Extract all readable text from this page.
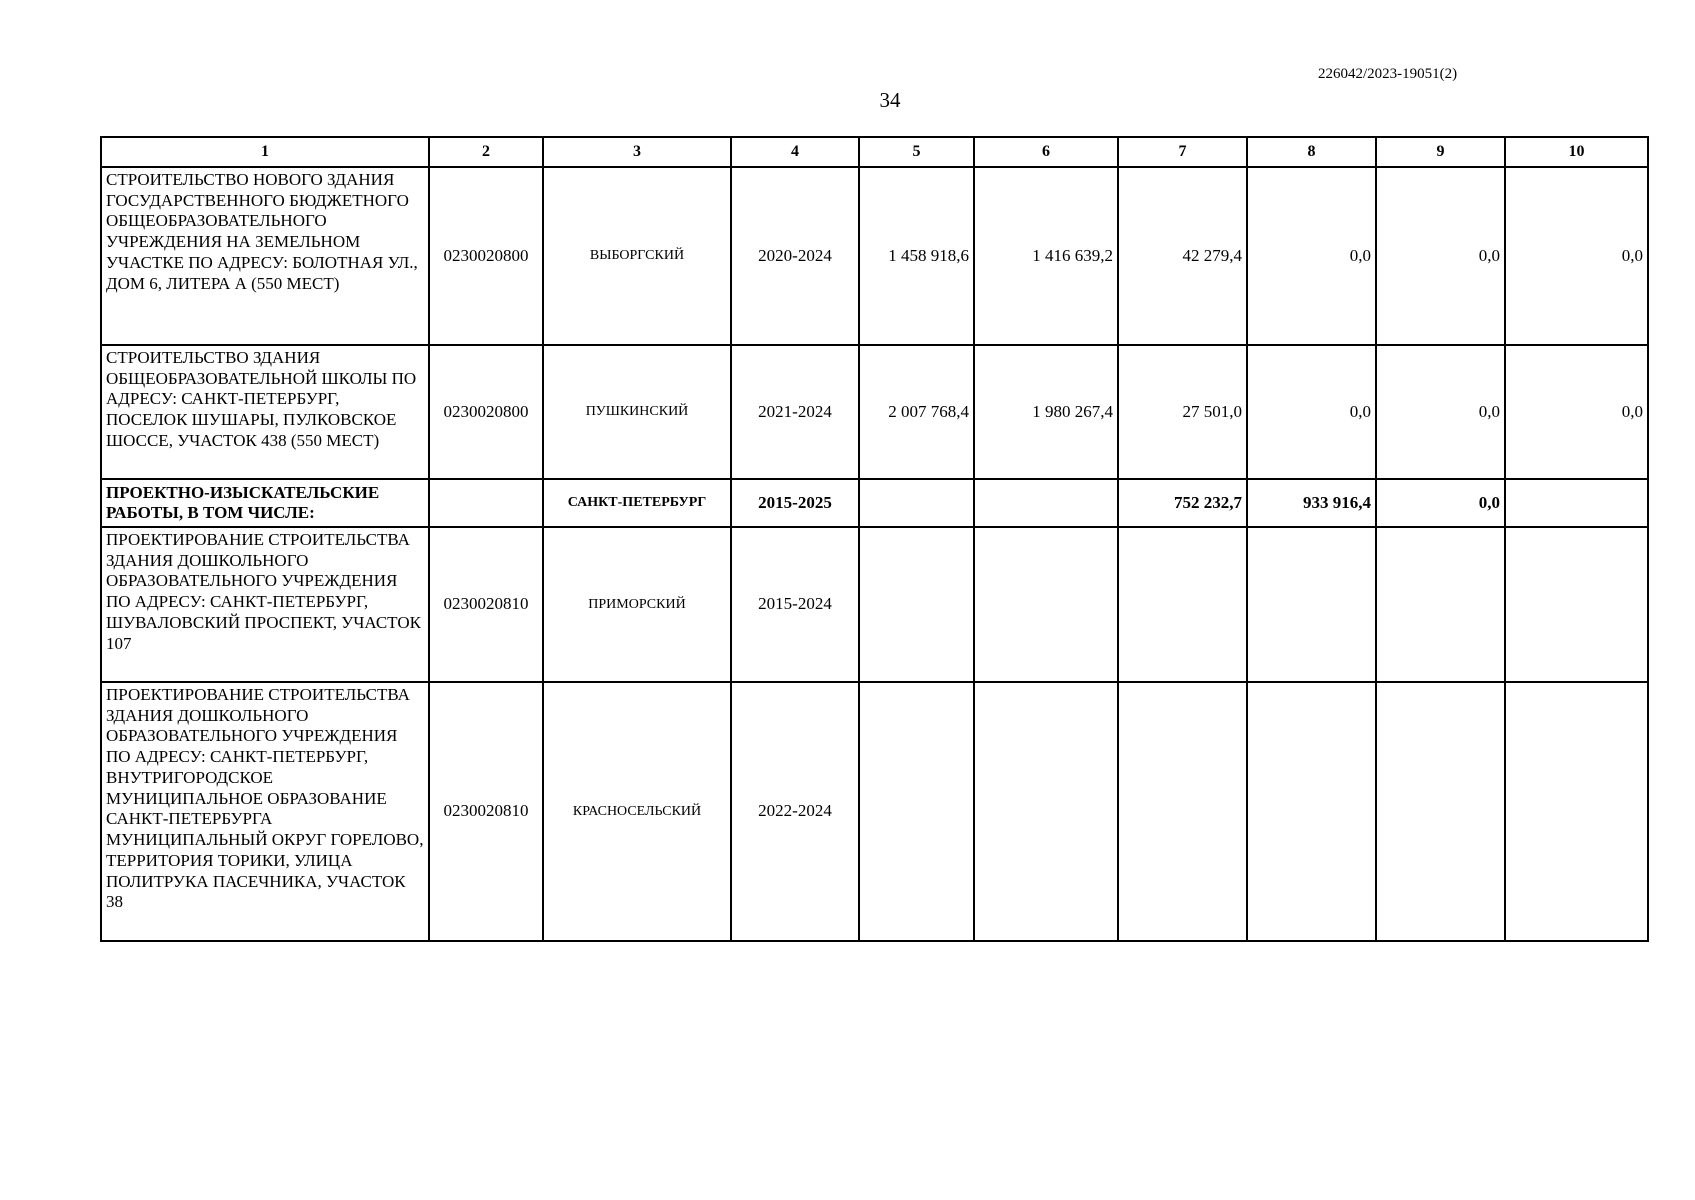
226042/2023-19051(2)
34
1	2	3	4	5	6	7	8	9	10
СТРОИТЕЛЬСТВО НОВОГО ЗДАНИЯ ГОСУДАРСТВЕННОГО БЮДЖЕТНОГО ОБЩЕОБРАЗОВАТЕЛЬНОГО УЧРЕЖДЕНИЯ НА ЗЕМЕЛЬНОМ УЧАСТКЕ ПО АДРЕСУ: БОЛОТНАЯ УЛ., ДОМ 6, ЛИТЕРА А (550 МЕСТ)	0230020800	ВЫБОРГСКИЙ	2020-2024	1 458 918,6	1 416 639,2	42 279,4	0,0	0,0	0,0
СТРОИТЕЛЬСТВО ЗДАНИЯ ОБЩЕОБРАЗОВАТЕЛЬНОЙ ШКОЛЫ ПО АДРЕСУ: САНКТ-ПЕТЕРБУРГ, ПОСЕЛОК ШУШАРЫ, ПУЛКОВСКОЕ ШОССЕ, УЧАСТОК 438 (550 МЕСТ)	0230020800	ПУШКИНСКИЙ	2021-2024	2 007 768,4	1 980 267,4	27 501,0	0,0	0,0	0,0
ПРОЕКТНО-ИЗЫСКАТЕЛЬСКИЕ РАБОТЫ, В ТОМ ЧИСЛЕ:		САНКТ-ПЕТЕРБУРГ	2015-2025			752 232,7	933 916,4	0,0	
ПРОЕКТИРОВАНИЕ СТРОИТЕЛЬСТВА ЗДАНИЯ ДОШКОЛЬНОГО ОБРАЗОВАТЕЛЬНОГО УЧРЕЖДЕНИЯ ПО АДРЕСУ: САНКТ-ПЕТЕРБУРГ, ШУВАЛОВСКИЙ ПРОСПЕКТ, УЧАСТОК 107	0230020810	ПРИМОРСКИЙ	2015-2024						
ПРОЕКТИРОВАНИЕ СТРОИТЕЛЬСТВА ЗДАНИЯ ДОШКОЛЬНОГО ОБРАЗОВАТЕЛЬНОГО УЧРЕЖДЕНИЯ ПО АДРЕСУ: САНКТ-ПЕТЕРБУРГ, ВНУТРИГОРОДСКОЕ МУНИЦИПАЛЬНОЕ ОБРАЗОВАНИЕ САНКТ-ПЕТЕРБУРГА МУНИЦИПАЛЬНЫЙ ОКРУГ ГОРЕЛОВО, ТЕРРИТОРИЯ ТОРИКИ, УЛИЦА ПОЛИТРУКА ПАСЕЧНИКА, УЧАСТОК 38	0230020810	КРАСНОСЕЛЬСКИЙ	2022-2024						
